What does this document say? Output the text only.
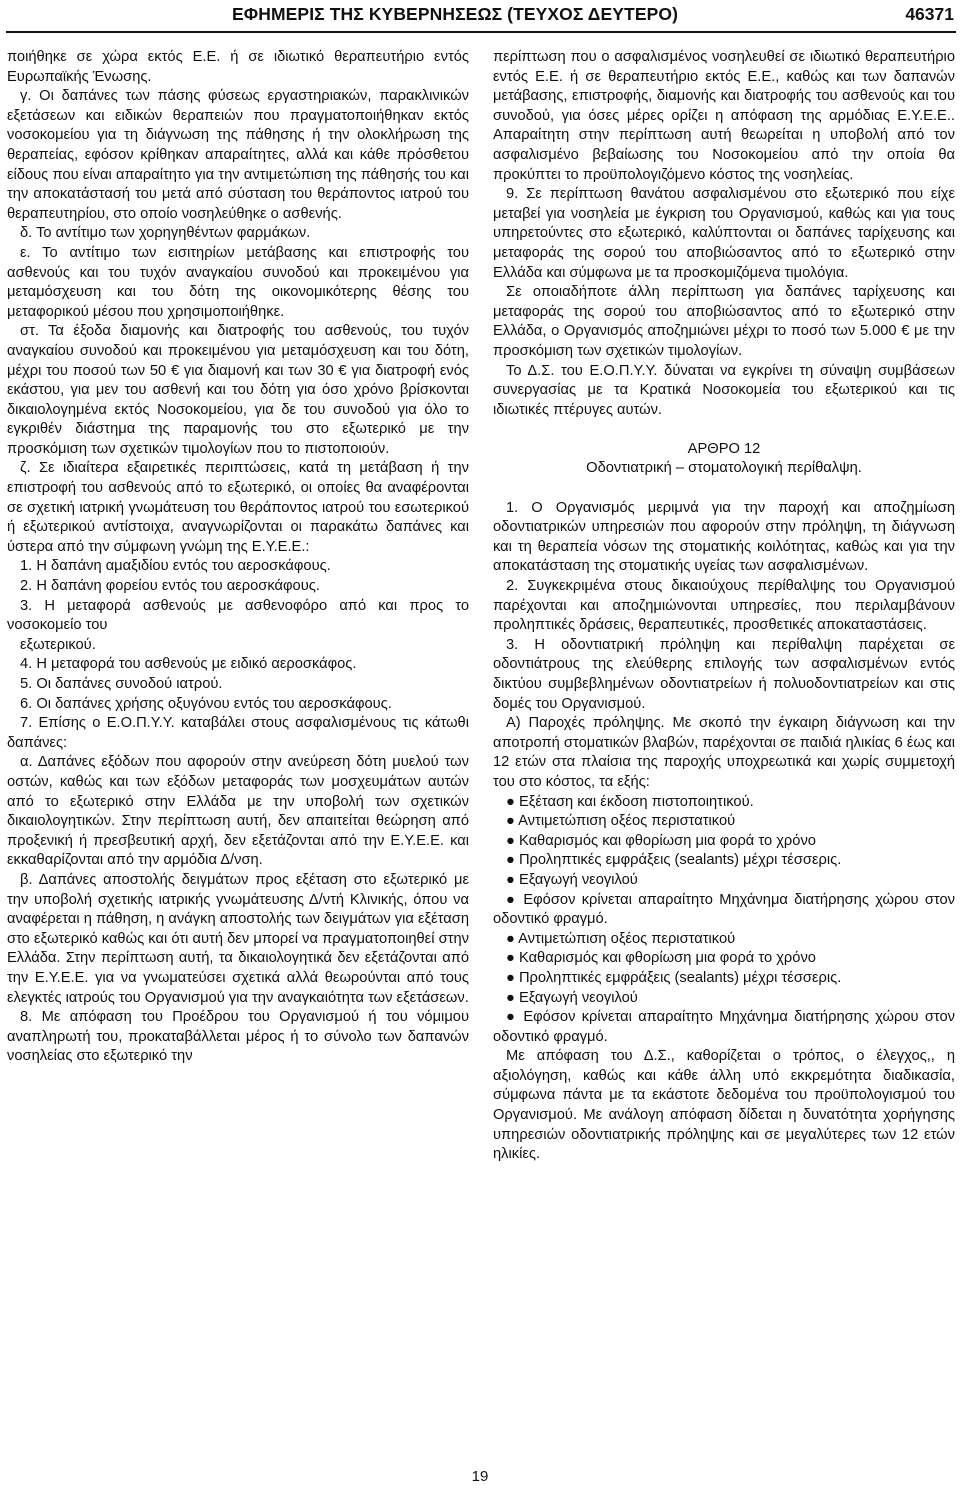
ΕΦΗΜΕΡΙΣ ΤΗΣ ΚΥΒΕΡΝΗΣΕΩΣ (ΤΕΥΧΟΣ ΔΕΥΤΕΡΟ)	46371

ποιήθηκε σε χώρα εκτός Ε.Ε. ή σε ιδιωτικό θεραπευτήριο εντός Ευρωπαϊκής Ένωσης.

γ. Οι δαπάνες των πάσης φύσεως εργαστηριακών, παρακλινικών εξετάσεων και ειδικών θεραπειών που πραγματοποιήθηκαν εκτός νοσοκομείου για τη διάγνωση της πάθησης ή την ολοκλήρωση της θεραπείας, εφόσον κρίθηκαν απαραίτητες, αλλά και κάθε πρόσθετου είδους που είναι απαραίτητο για την αντιμετώπιση της πάθησής του και την αποκατάστασή του μετά από σύσταση του θεράποντος ιατρού του θεραπευτηρίου, στο οποίο νοσηλεύθηκε ο ασθενής.

δ. Το αντίτιμο των χορηγηθέντων φαρμάκων.

ε. Το αντίτιμο των εισιτηρίων μετάβασης και επιστροφής του ασθενούς και του τυχόν αναγκαίου συνοδού και προκειμένου για μεταμόσχευση και του δότη της οικονομικότερης θέσης του μεταφορικού μέσου που χρησιμοποιήθηκε.

στ. Τα έξοδα διαμονής και διατροφής του ασθενούς, του τυχόν αναγκαίου συνοδού και προκειμένου για μεταμόσχευση και του δότη, μέχρι του ποσού των 50 € για διαμονή και των 30 € για διατροφή ενός εκάστου, για μεν του ασθενή και του δότη για όσο χρόνο βρίσκονται δικαιολογημένα εκτός Νοσοκομείου, για δε του συνοδού για όλο το εγκριθέν διάστημα της παραμονής του στο εξωτερικό με την προσκόμιση των σχετικών τιμολογίων που το πιστοποιούν.

ζ. Σε ιδιαίτερα εξαιρετικές περιπτώσεις, κατά τη μετάβαση ή την επιστροφή του ασθενούς από το εξωτερικό, οι οποίες θα αναφέρονται σε σχετική ιατρική γνωμάτευση του θεράποντος ιατρού του εσωτερικού ή εξωτερικού αντίστοιχα, αναγνωρίζονται οι παρακάτω δαπάνες και ύστερα από την σύμφωνη γνώμη της Ε.Υ.Ε.Ε.:

1. Η δαπάνη αμαξιδίου εντός του αεροσκάφους.

2. Η δαπάνη φορείου εντός του αεροσκάφους.

3. Η μεταφορά ασθενούς με ασθενοφόρο από και προς το νοσοκομείο του

εξωτερικού.

4. Η μεταφορά του ασθενούς με ειδικό αεροσκάφος.

5. Οι δαπάνες συνοδού ιατρού.

6. Οι δαπάνες χρήσης οξυγόνου εντός του αεροσκάφους.

7. Επίσης ο Ε.Ο.Π.Υ.Υ. καταβάλει στους ασφαλισμένους τις κάτωθι δαπάνες:

α. Δαπάνες εξόδων που αφορούν στην ανεύρεση δότη μυελού των οστών, καθώς και των εξόδων μεταφοράς των μοσχευμάτων αυτών από το εξωτερικό στην Ελλάδα με την υποβολή των σχετικών δικαιολογητικών. Στην περίπτωση αυτή, δεν απαιτείται θεώρηση από προξενική ή πρεσβευτική αρχή, δεν εξετάζονται από την Ε.Υ.Ε.Ε. και εκκαθαρίζονται από την αρμόδια Δ/νση.

β. Δαπάνες αποστολής δειγμάτων προς εξέταση στο εξωτερικό με την υποβολή σχετικής ιατρικής γνωμάτευσης Δ/ντή Κλινικής, όπου να αναφέρεται η πάθηση, η ανάγκη αποστολής των δειγμάτων για εξέταση στο εξωτερικό καθώς και ότι αυτή δεν μπορεί να πραγματοποιηθεί στην Ελλάδα. Στην περίπτωση αυτή, τα δικαιολογητικά δεν εξετάζονται από την Ε.Υ.Ε.Ε. για να γνωματεύσει σχετικά αλλά θεωρούνται από τους ελεγκτές ιατρούς του Οργανισμού για την αναγκαιότητα των εξετάσεων.

8. Με απόφαση του Προέδρου του Οργανισμού ή του νόμιμου αναπληρωτή του, προκαταβάλλεται μέρος ή το σύνολο των δαπανών νοσηλείας στο εξωτερικό την

περίπτωση που ο ασφαλισμένος νοσηλευθεί σε ιδιωτικό θεραπευτήριο εντός Ε.Ε. ή σε θεραπευτήριο εκτός Ε.Ε., καθώς και των δαπανών μετάβασης, επιστροφής, διαμονής και διατροφής του ασθενούς και του συνοδού, για όσες μέρες ορίζει η απόφαση της αρμόδιας Ε.Υ.Ε.Ε.. Απαραίτητη στην περίπτωση αυτή θεωρείται η υποβολή από τον ασφαλισμένο βεβαίωσης του Νοσοκομείου από την οποία θα προκύπτει το προϋπολογιζόμενο κόστος της νοσηλείας.

9. Σε περίπτωση θανάτου ασφαλισμένου στο εξωτερικό που είχε μεταβεί για νοσηλεία με έγκριση του Οργανισμού, καθώς και για τους υπηρετούντες στο εξωτερικό, καλύπτονται οι δαπάνες ταρίχευσης και μεταφοράς της σορού του αποβιώσαντος από το εξωτερικό στην Ελλάδα και σύμφωνα με τα προσκομιζόμενα τιμολόγια.

Σε οποιαδήποτε άλλη περίπτωση για δαπάνες ταρίχευσης και μεταφοράς της σορού του αποβιώσαντος από το εξωτερικό στην Ελλάδα, ο Οργανισμός αποζημιώνει μέχρι το ποσό των 5.000 € με την προσκόμιση των σχετικών τιμολογίων.

Το Δ.Σ. του Ε.Ο.Π.Υ.Υ. δύναται να εγκρίνει τη σύναψη συμβάσεων συνεργασίας με τα Κρατικά Νοσοκομεία του εξωτερικού και τις ιδιωτικές πτέρυγες αυτών.

ΑΡΘΡΟ 12

Οδοντιατρική – στοματολογική περίθαλψη.

1. Ο Οργανισμός μεριμνά για την παροχή και αποζημίωση οδοντιατρικών υπηρεσιών που αφορούν στην πρόληψη, τη διάγνωση και τη θεραπεία νόσων της στοματικής κοιλότητας, καθώς και για την αποκατάσταση της στοματικής υγείας των ασφαλισμένων.

2. Συγκεκριμένα στους δικαιούχους περίθαλψης του Οργανισμού παρέχονται και αποζημιώνονται υπηρεσίες, που περιλαμβάνουν προληπτικές δράσεις, θεραπευτικές, προσθετικές αποκαταστάσεις.

3. Η οδοντιατρική πρόληψη και περίθαλψη παρέχεται σε οδοντιάτρους της ελεύθερης επιλογής των ασφαλισμένων εντός δικτύου συμβεβλημένων οδοντιατρείων ή πολυοδοντιατρείων και στις δομές του Οργανισμού.

Α) Παροχές πρόληψης. Με σκοπό την έγκαιρη διάγνωση και την αποτροπή στοματικών βλαβών, παρέχονται σε παιδιά ηλικίας 6 έως και 12 ετών στα πλαίσια της παροχής υποχρεωτικά και χωρίς συμμετοχή του στο κόστος, τα εξής:

● Εξέταση και έκδοση πιστοποιητικού.

● Αντιμετώπιση οξέος περιστατικού

● Καθαρισμός και φθορίωση μια φορά το χρόνο

● Προληπτικές εμφράξεις (sealants) μέχρι τέσσερις.

● Εξαγωγή νεογιλού

● Εφόσον κρίνεται απαραίτητο Μηχάνημα διατήρησης χώρου στον οδοντικό φραγμό.

● Αντιμετώπιση οξέος περιστατικού

● Καθαρισμός και φθορίωση μια φορά το χρόνο

● Προληπτικές εμφράξεις (sealants) μέχρι τέσσερις.

● Εξαγωγή νεογιλού

● Εφόσον κρίνεται απαραίτητο Μηχάνημα διατήρησης χώρου στον οδοντικό φραγμό.

Με απόφαση του Δ.Σ., καθορίζεται ο τρόπος, ο έλεγχος,, η αξιολόγηση, καθώς και κάθε άλλη υπό εκκρεμότητα διαδικασία, σύμφωνα πάντα με τα εκάστοτε δεδομένα του προϋπολογισμού του Οργανισμού. Με ανάλογη απόφαση δίδεται η δυνατότητα χορήγησης υπηρεσιών οδοντιατρικής πρόληψης και σε μεγαλύτερες των 12 ετών ηλικίες.

19
